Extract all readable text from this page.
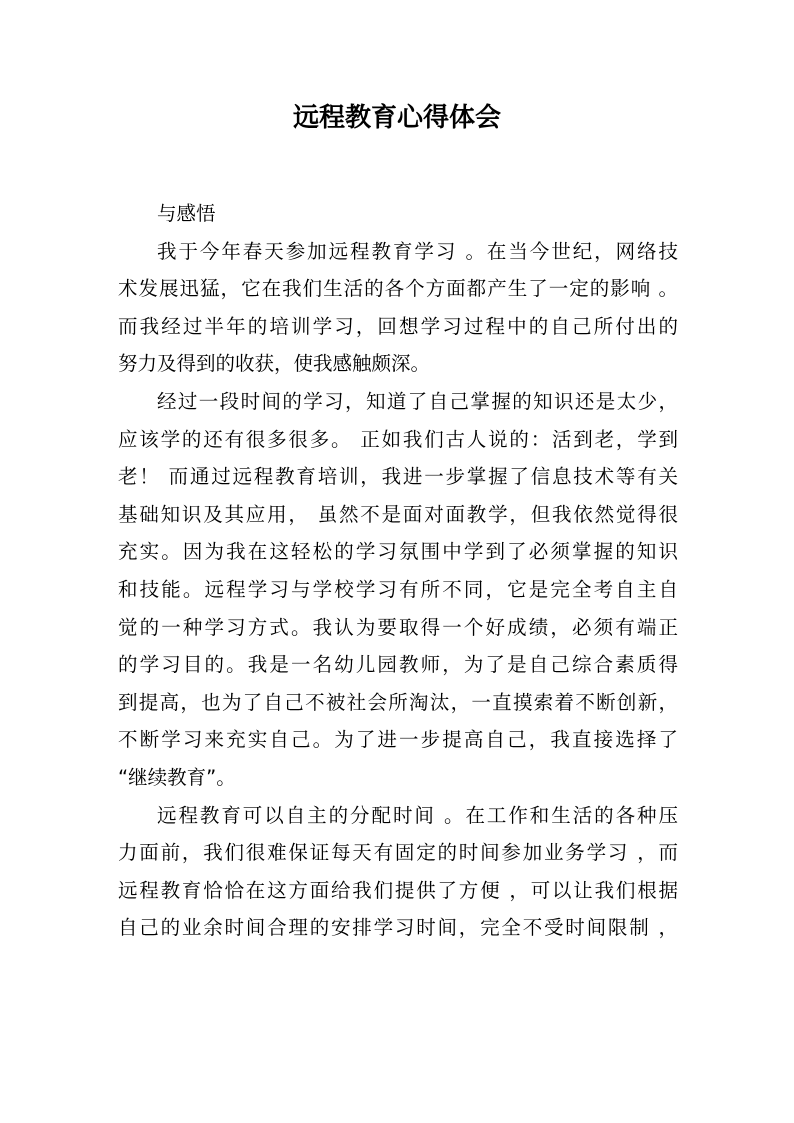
远程教育心得体会

与感悟

我于今年春天参加远程教育学习 。在当今世纪，网络技
术发展迅猛，它在我们生活的各个方面都产生了一定的影响 。
而我经过半年的培训学习，回想学习过程中的自己所付出的
努力及得到的收获，使我感触颇深。

经过一段时间的学习，知道了自己掌握的知识还是太少，
应该学的还有很多很多。 正如我们古人说的：活到老，学到
老！ 而通过远程教育培训，我进一步掌握了信息技术等有关
基础知识及其应用， 虽然不是面对面教学，但我依然觉得很
充实。因为我在这轻松的学习氛围中学到了必须掌握的知识
和技能。远程学习与学校学习有所不同，它是完全考自主自
觉的一种学习方式。我认为要取得一个好成绩，必须有端正
的学习目的。我是一名幼儿园教师，为了是自己综合素质得
到提高，也为了自己不被社会所淘汰，一直摸索着不断创新，
不断学习来充实自己。为了进一步提高自己，我直接选择了
“继续教育”。

远程教育可以自主的分配时间 。在工作和生活的各种压
力面前，我们很难保证每天有固定的时间参加业务学习 ，而
远程教育恰恰在这方面给我们提供了方便 ，可以让我们根据
自己的业余时间合理的安排学习时间，完全不受时间限制 ，
